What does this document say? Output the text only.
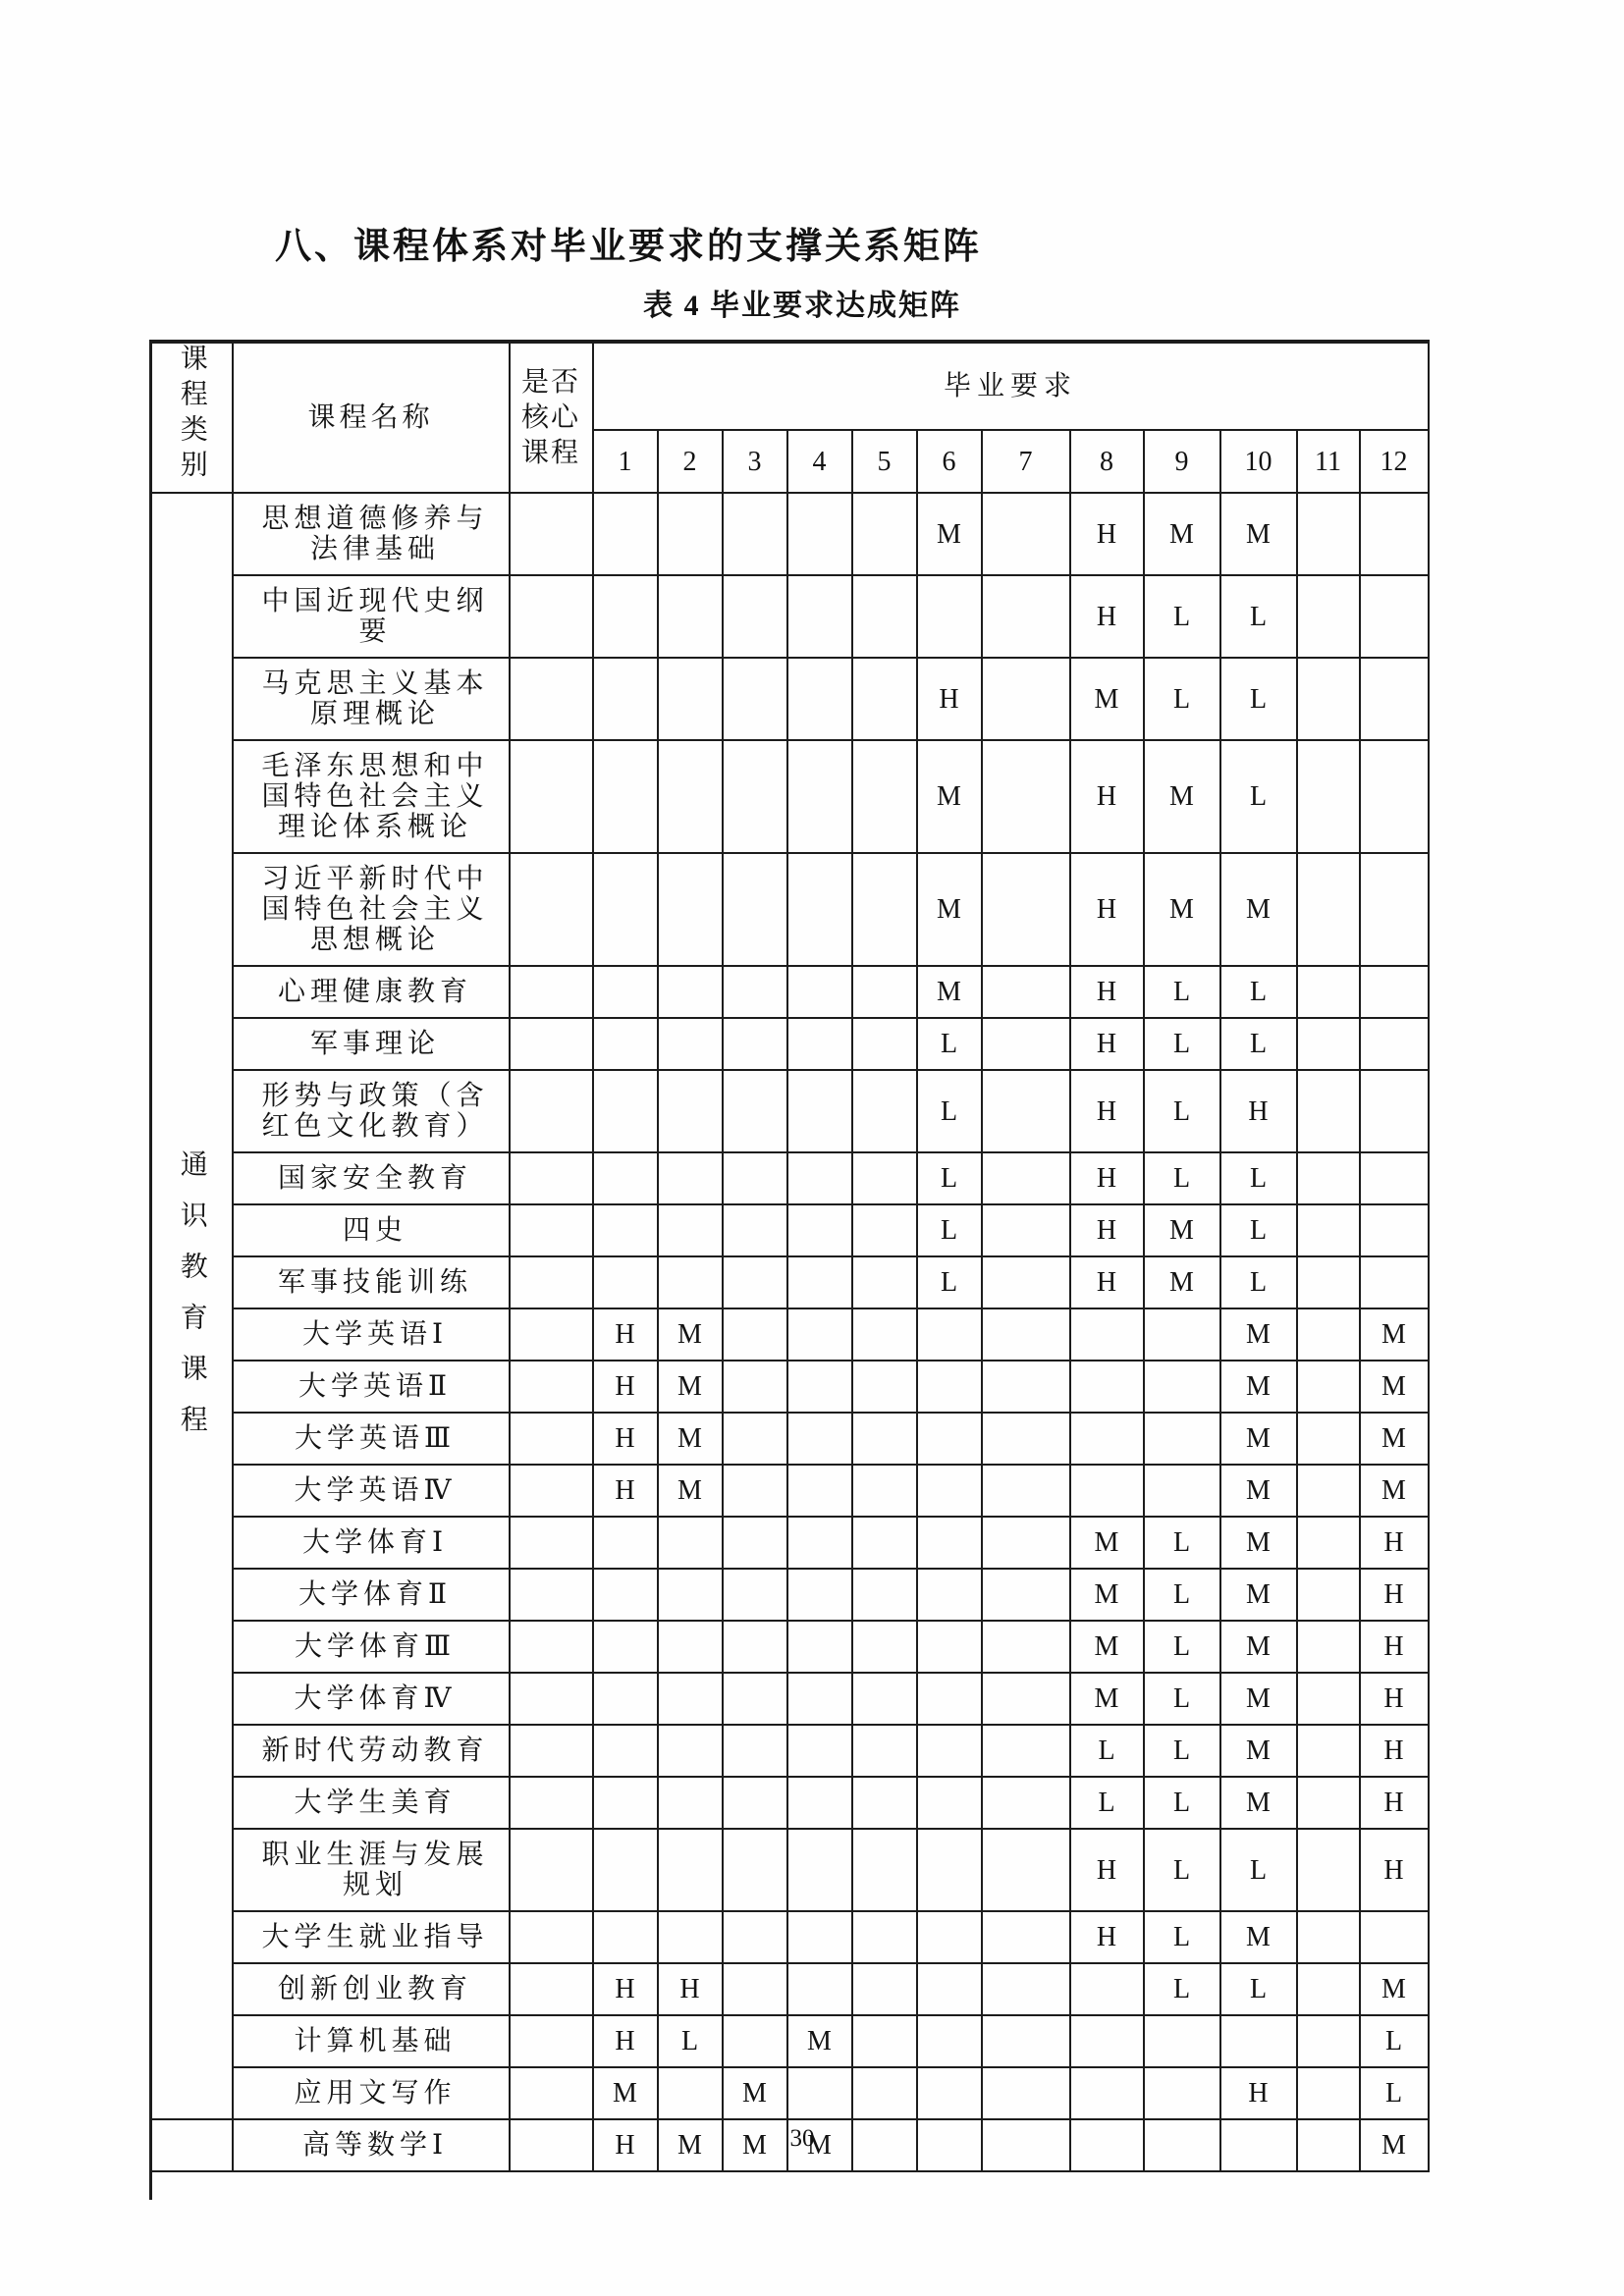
八、课程体系对毕业要求的支撑关系矩阵
表 4 毕业要求达成矩阵
课程类别	课程名称	是否核心课程	毕业要求											
			1	2	3	4	5	6	7	8	9	10	11	12
通识教育课程	思想道德修养与法律基础							M		H	M	M		
	中国近现代史纲要									H	L	L		
	马克思主义基本原理概论							H		M	L	L		
	毛泽东思想和中国特色社会主义理论体系概论							M		H	M	L		
	习近平新时代中国特色社会主义思想概论							M		H	M	M		
	心理健康教育							M		H	L	L		
	军事理论							L		H	L	L		
	形势与政策（含红色文化教育）							L		H	L	H		
	国家安全教育							L		H	L	L		
	四史							L		H	M	L		
	军事技能训练							L		H	M	L		
	大学英语Ⅰ		H	M								M		M
	大学英语Ⅱ		H	M								M		M
	大学英语Ⅲ		H	M								M		M
	大学英语Ⅳ		H	M								M		M
	大学体育Ⅰ									M	L	M		H
	大学体育Ⅱ									M	L	M		H
	大学体育Ⅲ									M	L	M		H
	大学体育Ⅳ									M	L	M		H
	新时代劳动教育									L	L	M		H
	大学生美育									L	L	M		H
	职业生涯与发展规划									H	L	L		H
	大学生就业指导									H	L	M		
	创新创业教育		H	H							L	L		M
	计算机基础		H	L		M								L
	应用文写作		M		M							H		L
	高等数学Ⅰ		H	M	M	M								M
30
